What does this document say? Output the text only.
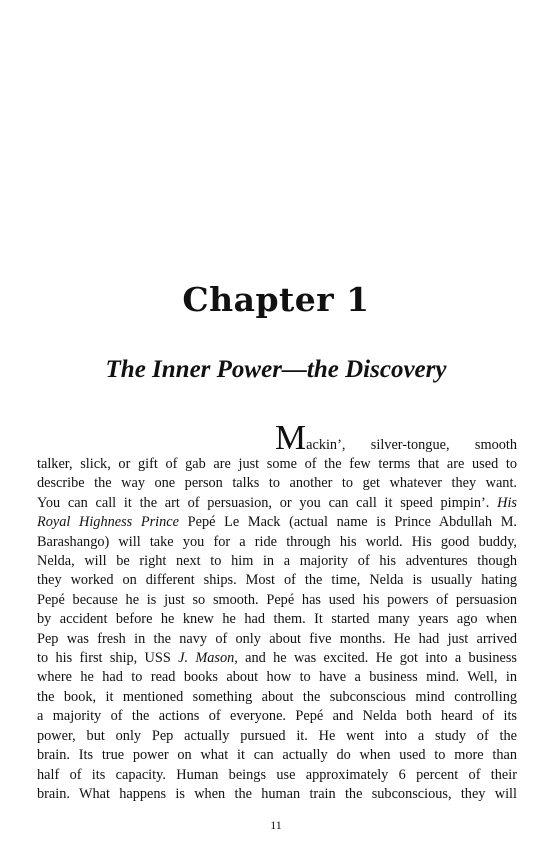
Chapter 1
The Inner Power—the Discovery
Mackin’, silver-tongue, smooth
talker, slick, or gift of gab are just some of the few terms that are used to
describe the way one person talks to another to get whatever they want.
You can call it the art of persuasion, or you can call it speed pimpin’. His
Royal Highness Prince Pepé Le Mack (actual name is Prince Abdullah M.
Barashango) will take you for a ride through his world. His good buddy,
Nelda, will be right next to him in a majority of his adventures though
they worked on different ships. Most of the time, Nelda is usually hating
Pepé because he is just so smooth. Pepé has used his powers of persuasion
by accident before he knew he had them. It started many years ago when
Pep was fresh in the navy of only about five months. He had just arrived
to his first ship, USS J. Mason, and he was excited. He got into a business
where he had to read books about how to have a business mind. Well, in
the book, it mentioned something about the subconscious mind controlling
a majority of the actions of everyone. Pepé and Nelda both heard of its
power, but only Pep actually pursued it. He went into a study of the
brain. Its true power on what it can actually do when used to more than
half of its capacity. Human beings use approximately 6 percent of their
brain. What happens is when the human train the subconscious, they will

11
